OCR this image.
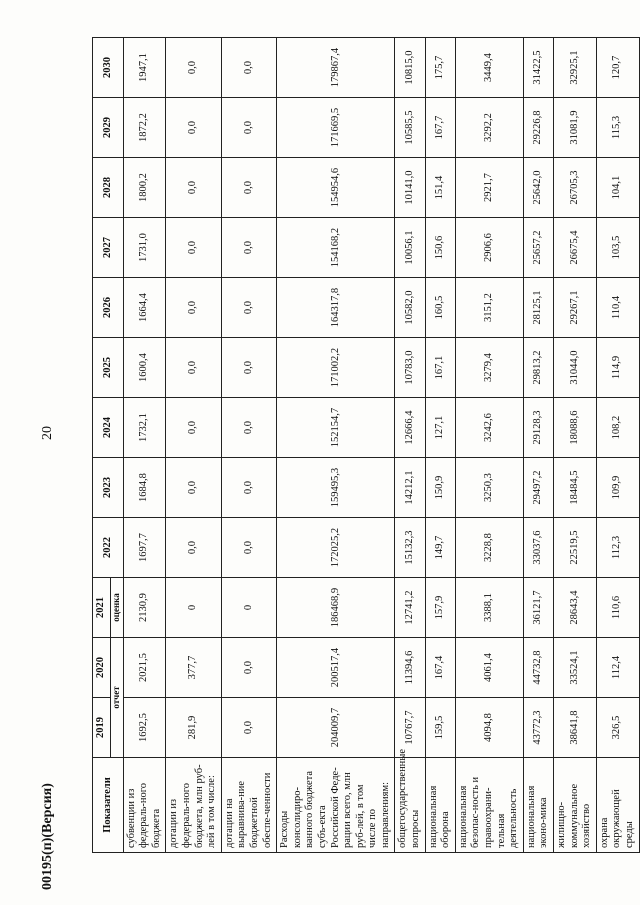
20
Показатели	2019	2020	2021	2022	2023	2024	2025	2026	2027	2028	2029	2030
	отчет		оценка									
субвенции из федераль-ного бюджета	1692,5	2021,5	2130,9	1697,7	1684,8	1732,1	1600,4	1664,4	1731,0	1800,2	1872,2	1947,1
дотации из федераль-ного бюджета, млн руб-лей в том числе:	281,9	377,7	0	0,0	0,0	0,0	0,0	0,0	0,0	0,0	0,0	0,0
дотации на выравнива-ние бюджетной обеспе-ченности	0,0	0,0	0	0,0	0,0	0,0	0,0	0,0	0,0	0,0	0,0	0,0
Расходы консолидиро-ванного бюджета субъ-екта Российской Феде-рации всего, млн руб-лей, в том числе по направлениям:	204009,7	200517,4	186468,9	172025,2	159495,3	152154,7	171002,2	164317,8	154168,2	154954,6	171669,5	179867,4
общегосударственные вопросы	10767,7	11394,6	12741,2	15132,3	14212,1	12666,4	10783,0	10582,0	10056,1	10141,0	10585,5	10815,0
национальная оборона	159,5	167,4	157,9	149,7	150,9	127,1	167,1	160,5	150,6	151,4	167,7	175,7
национальная безопас-ность и правоохрани-тельная деятельность	4094,8	4061,4	3388,1	3228,8	3250,3	3242,6	3279,4	3151,2	2906,6	2921,7	3292,2	3449,4
национальная эконо-мика	43772,3	44732,8	36121,7	33037,6	29497,2	29128,3	29813,2	28125,1	25657,2	25642,0	29226,8	31422,5
жилищно-коммунальное хозяйство	38641,8	33524,1	28643,4	22519,5	18484,5	18088,6	31044,0	29267,1	26675,4	26705,3	31081,9	32925,1
охрана окружающей среды	326,5	112,4	110,6	112,3	109,9	108,2	114,9	110,4	103,5	104,1	115,3	120,7
00195(п)(Версия)
